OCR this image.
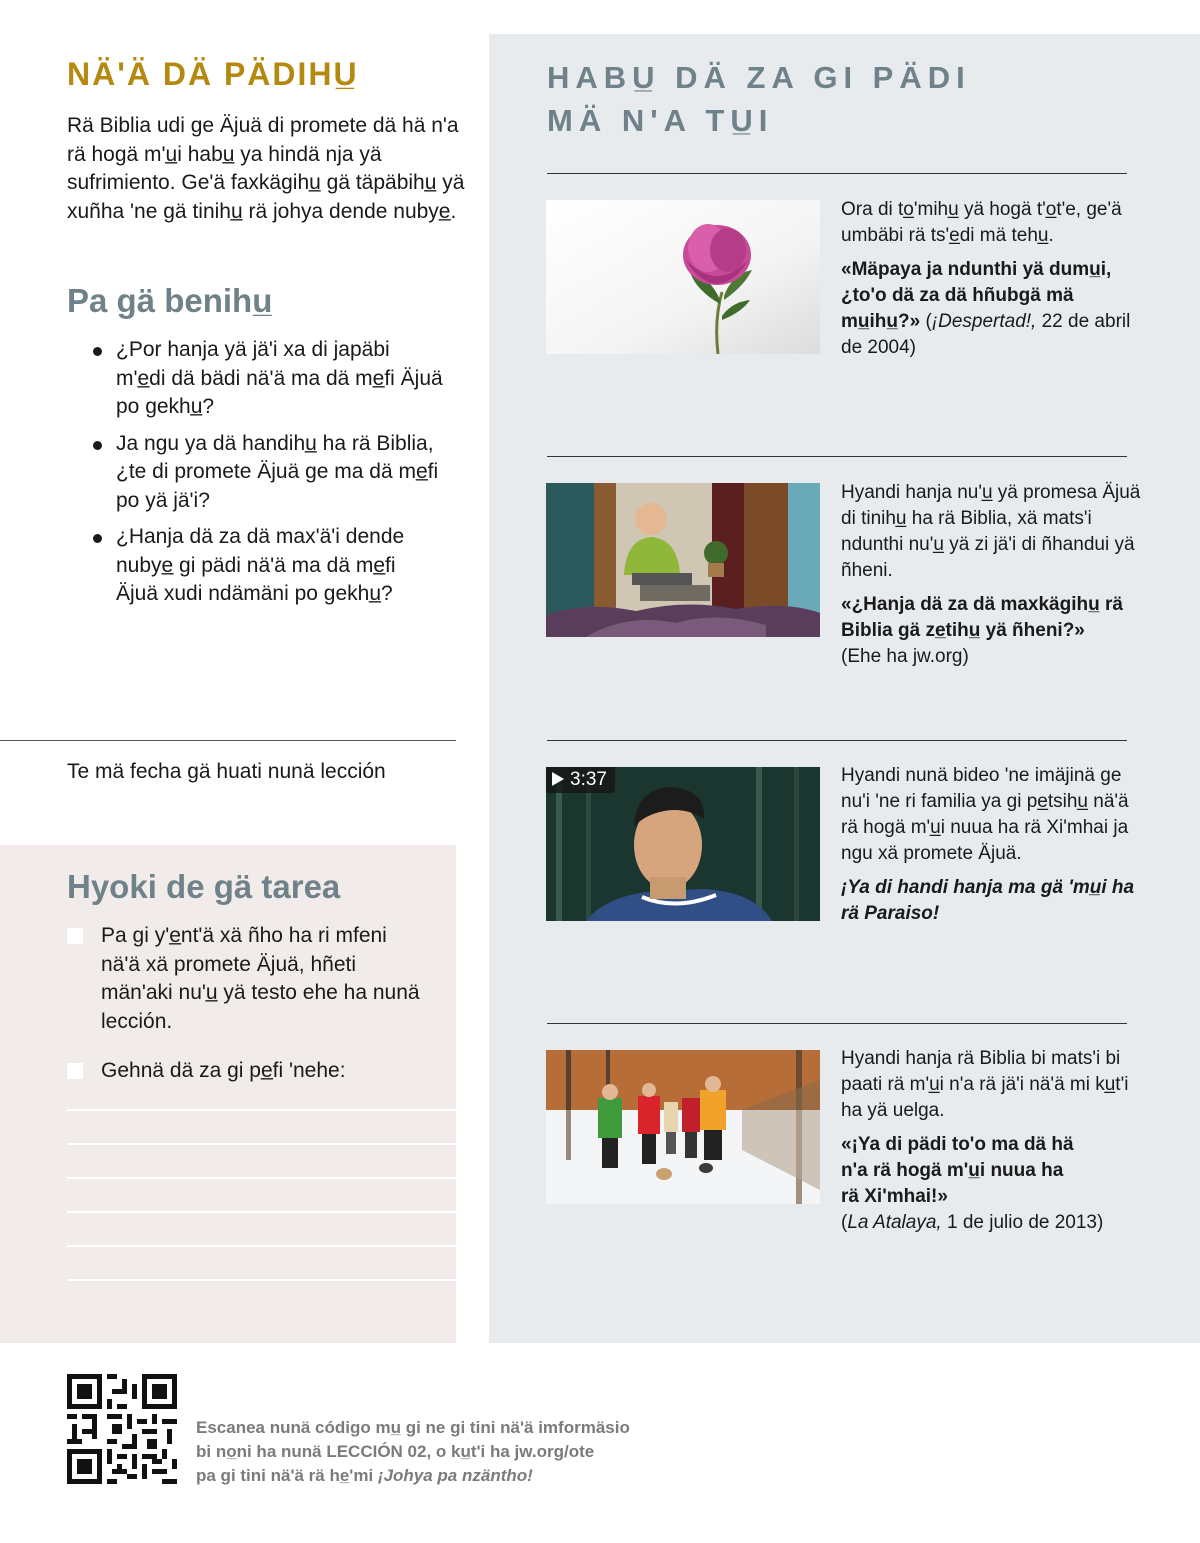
NÄ'Ä DÄ PÄDIHU̲

Rä Biblia udi ge Äjuä di promete dä hä n'a rä hogä m'u̲i habu̲ ya hindä nja yä sufrimiento. Ge'ä faxkägihu̲ gä täpäbihu̲ yä xuñha 'ne gä tinihu̲ rä johya dende nubye̲.

Pa gä benihu̲
¿Por hanja yä jä'i xa di japäbi m'e̲di dä bädi nä'ä ma dä me̲fi Äjuä po gekhu̲?
Ja ngu ya dä handihu̲ ha rä Biblia, ¿te di promete Äjuä ge ma dä me̲fi po yä jä'i?
¿Hanja dä za dä max'ä'i dende nubye̲ gi pädi nä'ä ma dä me̲fi Äjuä xudi ndämäni po gekhu̲?
Te mä fecha gä huati nunä lección
Hyoki de gä tarea
Pa gi y'e̲nt'ä xä ñho ha ri mfeni nä'ä xä promete Äjuä, hñeti män'aki nu'u̲ yä testo ehe ha nunä lección.
Gehnä dä za gi pe̲fi 'nehe:
HABU̲ DÄ ZA GI PÄDI
MÄ N'A TU̲I

Ora di to̲'mihu̲ yä hogä t'o̲t'e, ge'ä umbäbi rä ts'e̲di mä tehu̲.

«Mäpaya ja ndunthi yä dumu̲i, ¿to'o dä za dä hñubgä mä mu̲ihu̲?» (¡Despertad!, 22 de abril de 2004)

Hyandi hanja nu'u̲ yä promesa Äjuä di tinihu̲ ha rä Biblia, xä mats'i ndunthi nu'u̲ yä zi jä'i di ñhandui yä ñheni.

«¿Hanja dä za dä maxkägihu̲ rä Biblia gä ze̲tihu̲ yä ñheni?»
(Ehe ha jw.org)
3:37	Hyandi nunä bideo 'ne imäjinä ge nu'i 'ne ri familia ya gi pe̲tsihu̲ nä'ä rä hogä m'u̲i nuua ha rä Xi'mhai ja ngu xä promete Äjuä.

¡Ya di handi hanja ma gä 'mu̲i ha rä Paraiso!

Hyandi hanja rä Biblia bi mats'i bi paati rä m'u̲i n'a rä jä'i nä'ä mi ku̲t'i ha yä uelga.

«¡Ya di pädi to'o ma dä hä n'a rä hogä m'u̲i nuua ha rä Xi'mhai!»
(La Atalaya, 1 de julio de 2013)
Escanea nunä código mu̲ gi ne gi tini nä'ä imformäsio
bi no̲ni ha nunä LECCIÓN 02, o ku̲t'i ha jw.org/ote
pa gi tini nä'ä rä he̲'mi ¡Johya pa nzäntho!
